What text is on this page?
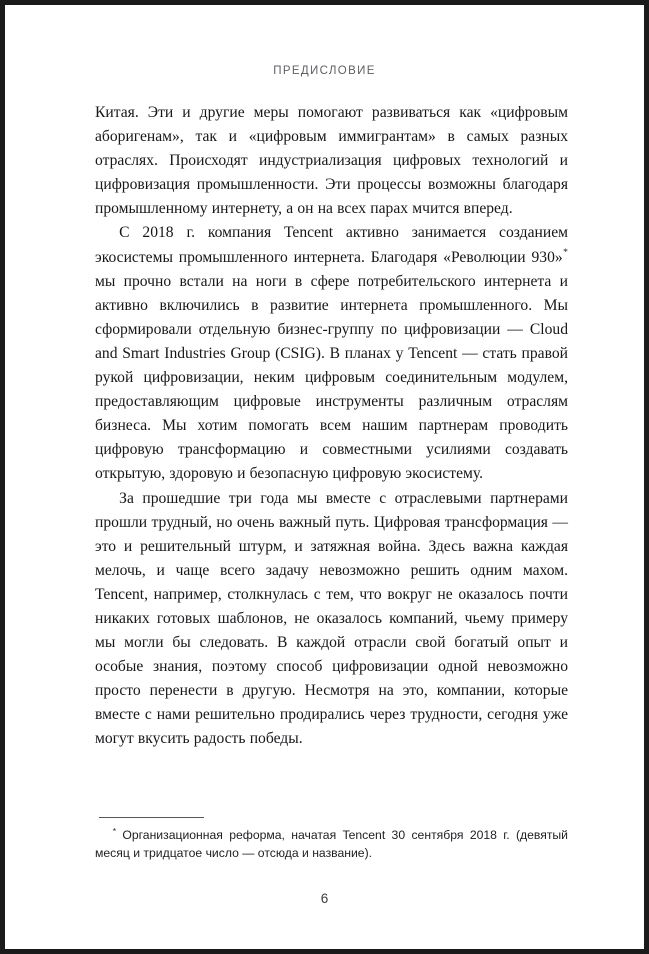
ПРЕДИСЛОВИЕ

Китая. Эти и другие меры помогают развиваться как «цифровым аборигенам», так и «цифровым иммигрантам» в самых разных отраслях. Происходят индустриализация цифровых технологий и цифровизация промышленности. Эти процессы возможны благодаря промышленному интернету, а он на всех парах мчится вперед.

С 2018 г. компания Tencent активно занимается созданием экосистемы промышленного интернета. Благодаря «Революции 930»* мы прочно встали на ноги в сфере потребительского интернета и активно включились в развитие интернета промышленного. Мы сформировали отдельную бизнес-группу по цифровизации — Cloud and Smart Industries Group (CSIG). В планах у Tencent — стать правой рукой цифровизации, неким цифровым соединительным модулем, предоставляющим цифровые инструменты различным отраслям бизнеса. Мы хотим помогать всем нашим партнерам проводить цифровую трансформацию и совместными усилиями создавать открытую, здоровую и безопасную цифровую экосистему.

За прошедшие три года мы вместе с отраслевыми партнерами прошли трудный, но очень важный путь. Цифровая трансформация — это и решительный штурм, и затяжная война. Здесь важна каждая мелочь, и чаще всего задачу невозможно решить одним махом. Tencent, например, столкнулась с тем, что вокруг не оказалось почти никаких готовых шаблонов, не оказалось компаний, чьему примеру мы могли бы следовать. В каждой отрасли свой богатый опыт и особые знания, поэтому способ цифровизации одной невозможно просто перенести в другую. Несмотря на это, компании, которые вместе с нами решительно продирались через трудности, сегодня уже могут вкусить радость победы.

* Организационная реформа, начатая Tencent 30 сентября 2018 г. (девятый месяц и тридцатое число — отсюда и название).

6
